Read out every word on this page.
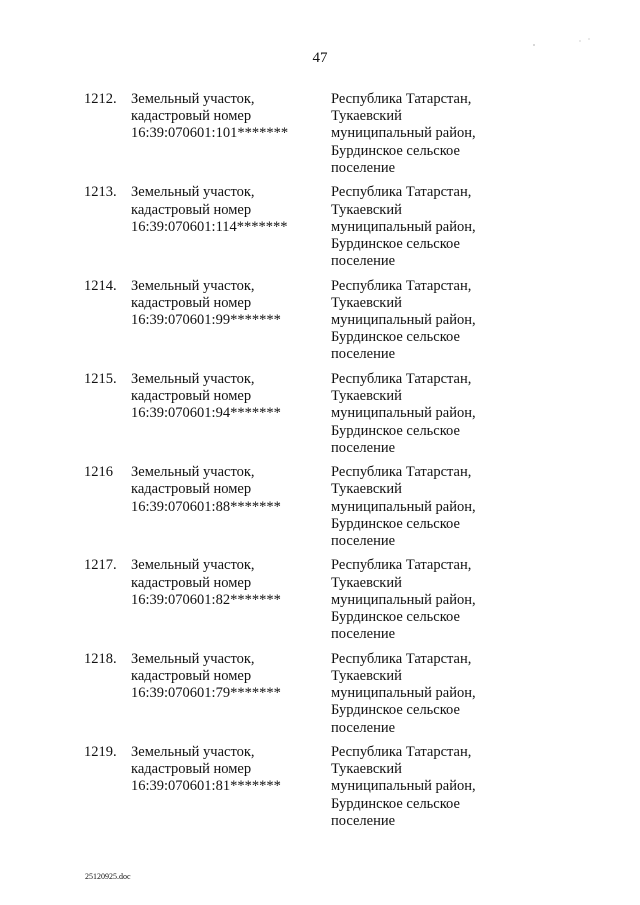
47
1212. Земельный участок,
кадастровый номер
16:39:070601:101*******
Республика Татарстан,
Тукаевский
муниципальный район,
Бурдинское сельское
поселение
1213. Земельный участок,
кадастровый номер
16:39:070601:114*******
Республика Татарстан,
Тукаевский
муниципальный район,
Бурдинское сельское
поселение
1214. Земельный участок,
кадастровый номер
16:39:070601:99*******
Республика Татарстан,
Тукаевский
муниципальный район,
Бурдинское сельское
поселение
1215. Земельный участок,
кадастровый номер
16:39:070601:94*******
Республика Татарстан,
Тукаевский
муниципальный район,
Бурдинское сельское
поселение
1216	Земельный участок,
кадастровый номер
16:39:070601:88*******
Республика Татарстан,
Тукаевский
муниципальный район,
Бурдинское сельское
поселение
1217. Земельный участок,
кадастровый номер
16:39:070601:82*******
Республика Татарстан,
Тукаевский
муниципальный район,
Бурдинское сельское
поселение
1218. Земельный участок,
кадастровый номер
16:39:070601:79*******
Республика Татарстан,
Тукаевский
муниципальный район,
Бурдинское сельское
поселение
1219. Земельный участок,
кадастровый номер
16:39:070601:81*******
Республика Татарстан,
Тукаевский
муниципальный район,
Бурдинское сельское
поселение
25120925.doc
